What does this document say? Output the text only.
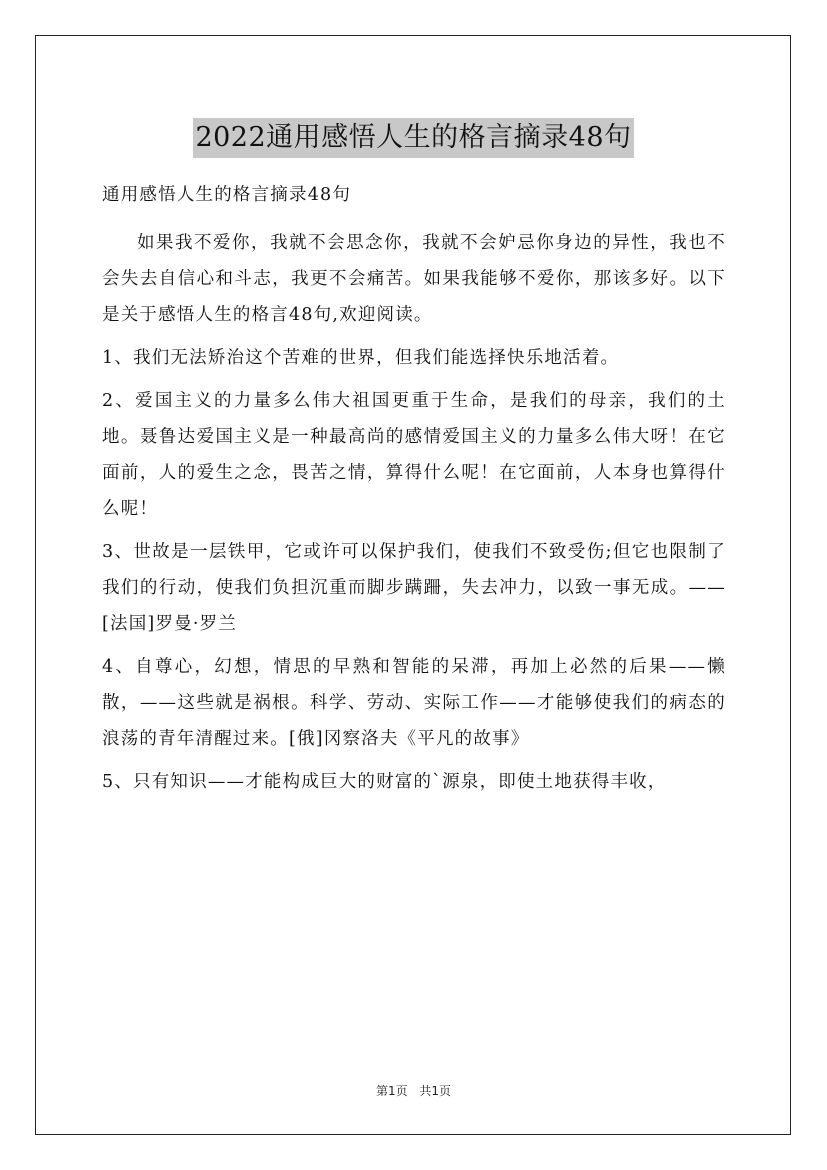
2022通用感悟人生的格言摘录48句

通用感悟人生的格言摘录48句

如果我不爱你，我就不会思念你，我就不会妒忌你身边的异性，我也不会失去自信心和斗志，我更不会痛苦。如果我能够不爱你，那该多好。以下是关于感悟人生的格言48句,欢迎阅读。

1、我们无法矫治这个苦难的世界，但我们能选择快乐地活着。

2、爱国主义的力量多么伟大祖国更重于生命，是我们的母亲，我们的土地。聂鲁达爱国主义是一种最高尚的感情爱国主义的力量多么伟大呀！在它面前，人的爱生之念，畏苦之情，算得什么呢！在它面前，人本身也算得什么呢！

3、世故是一层铁甲，它或许可以保护我们，使我们不致受伤;但它也限制了我们的行动，使我们负担沉重而脚步蹒跚，失去冲力，以致一事无成。——[法国]罗曼·罗兰

4、自尊心，幻想，情思的早熟和智能的呆滞，再加上必然的后果——懒散，——这些就是祸根。科学、劳动、实际工作——才能够使我们的病态的浪荡的青年清醒过来。[俄]冈察洛夫《平凡的故事》

5、只有知识——才能构成巨大的财富的`源泉，即使土地获得丰收，

第1页 共1页
